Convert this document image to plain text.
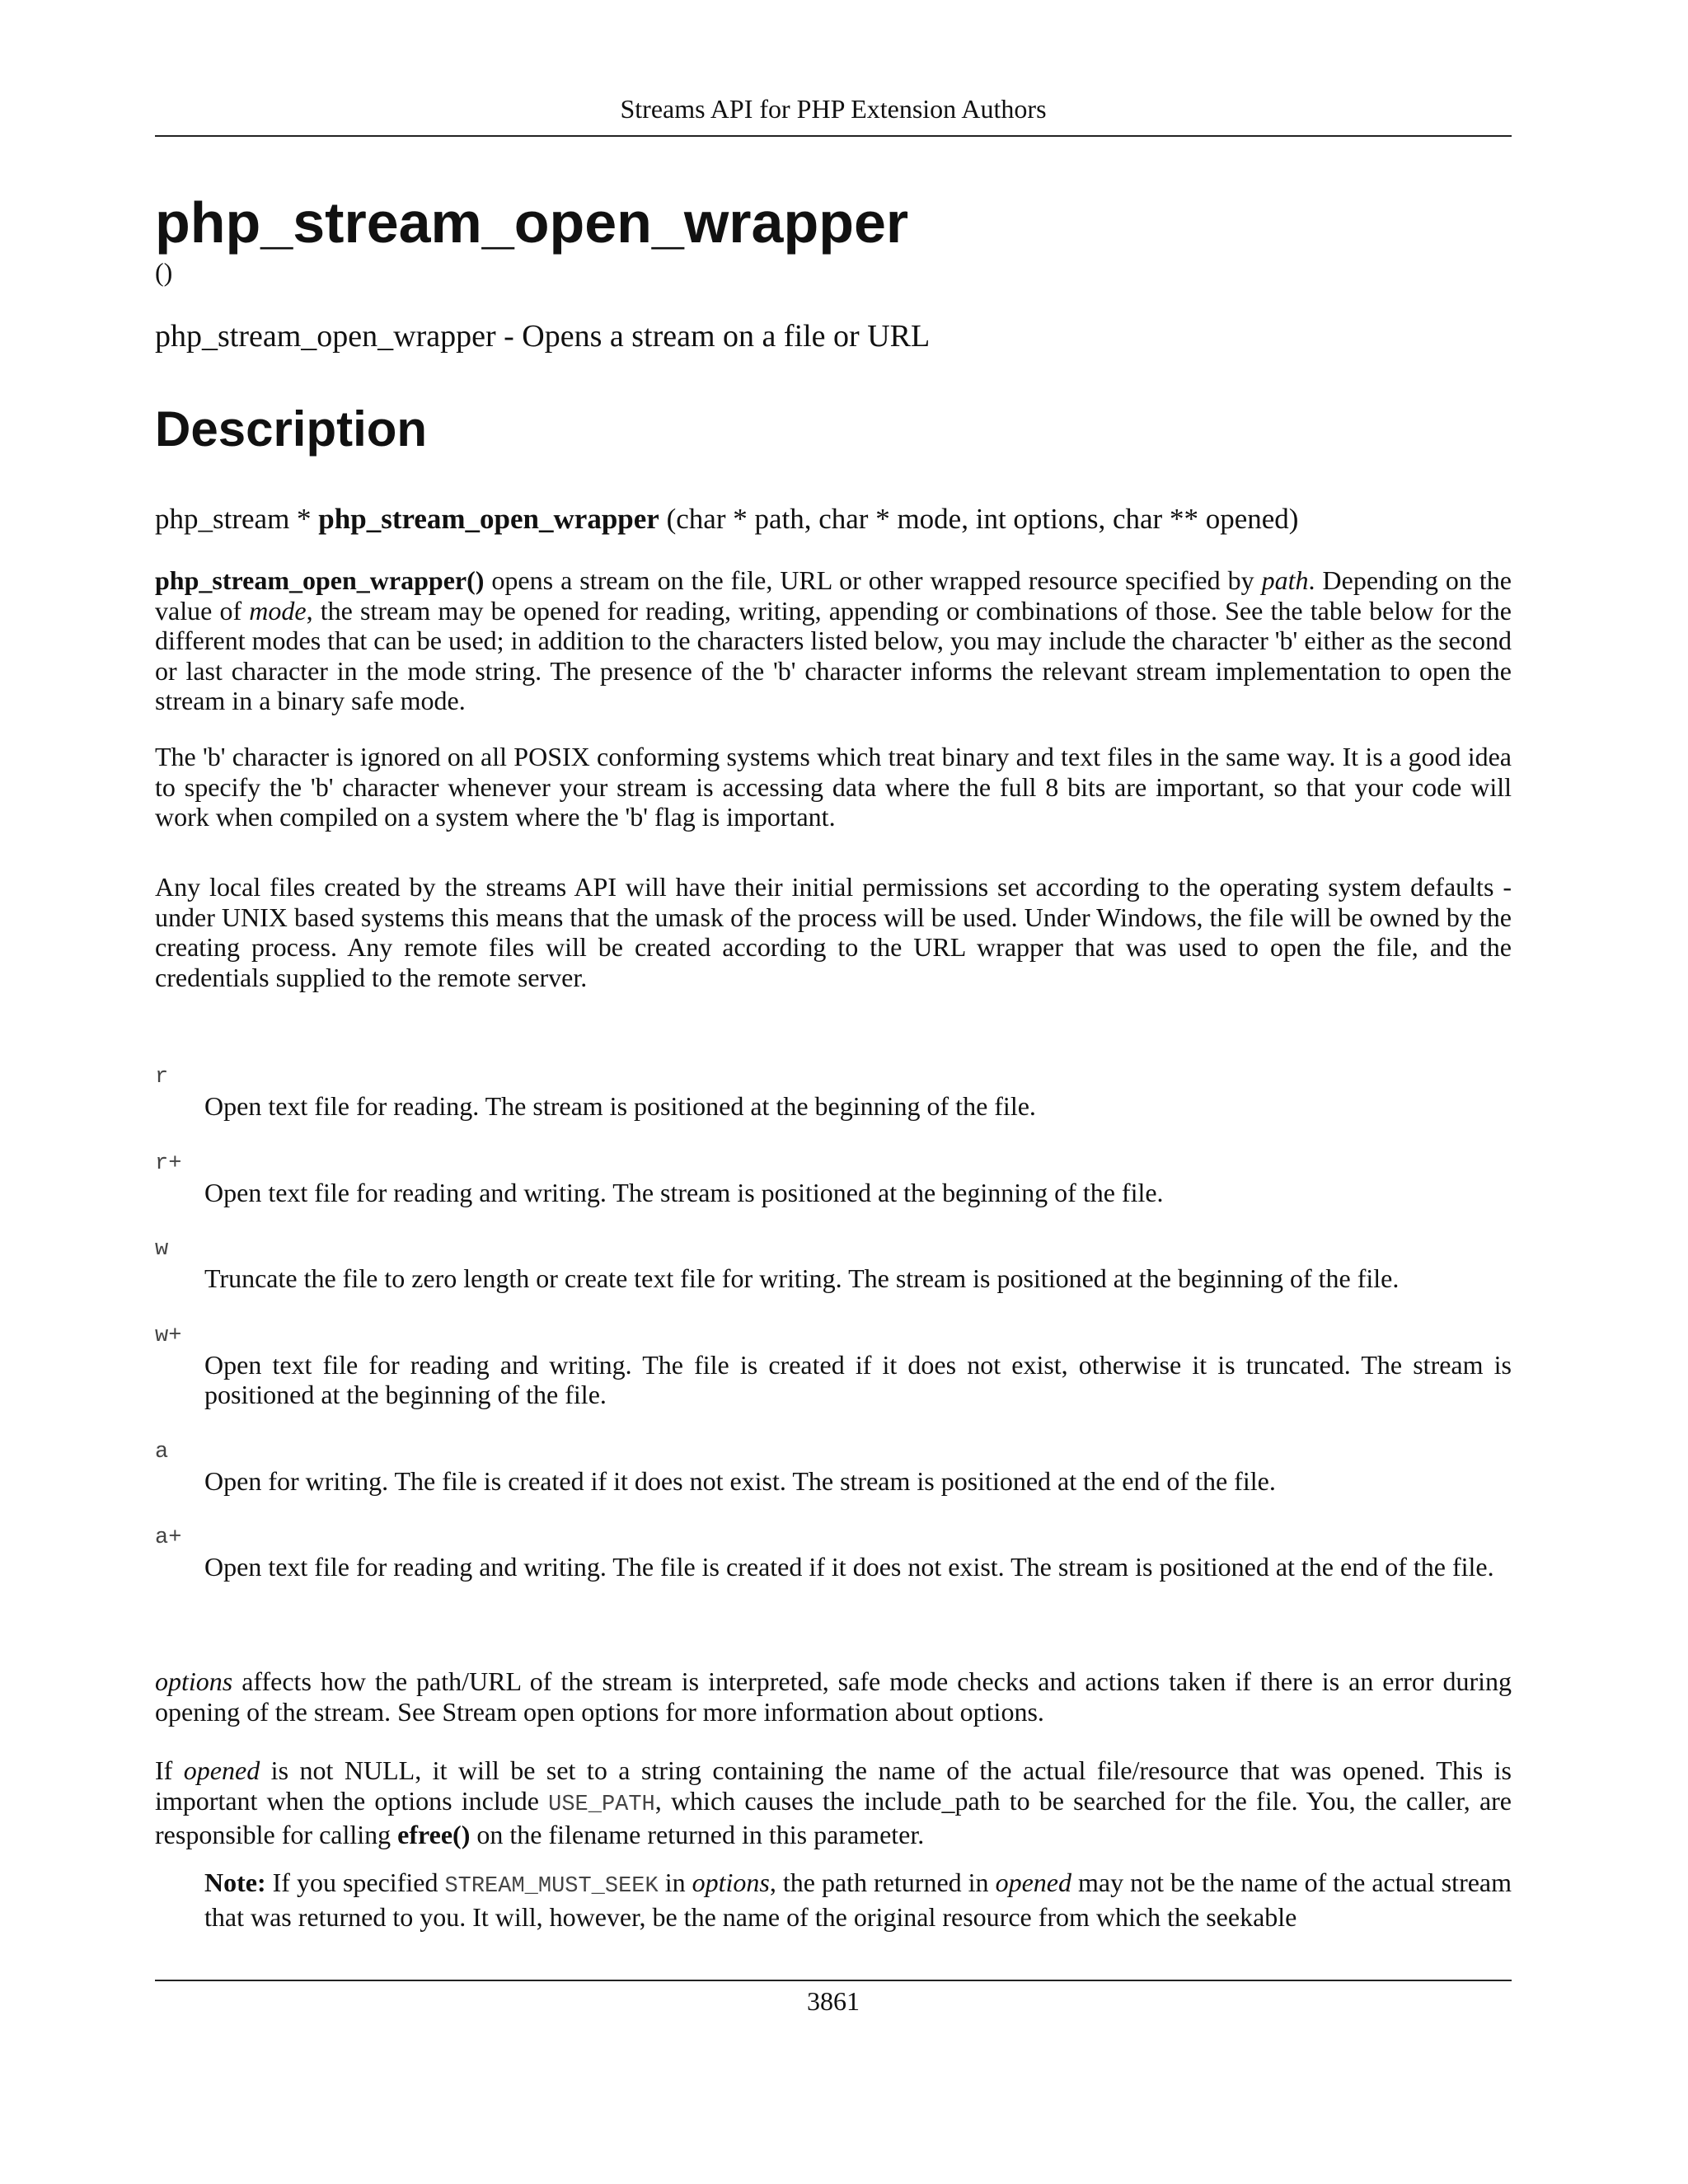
Streams API for PHP Extension Authors
php_stream_open_wrapper
()
php_stream_open_wrapper - Opens a stream on a file or URL
Description
php_stream * php_stream_open_wrapper (char * path, char * mode, int options, char ** opened)

php_stream_open_wrapper() opens a stream on the file, URL or other wrapped resource specified by path. Depending on the value of mode, the stream may be opened for reading, writing, appending or combinations of those. See the table below for the different modes that can be used; in addition to the characters listed below, you may include the character 'b' either as the second or last character in the mode string. The presence of the 'b' character informs the relevant stream implementation to open the stream in a binary safe mode.

The 'b' character is ignored on all POSIX conforming systems which treat binary and text files in the same way. It is a good idea to specify the 'b' character whenever your stream is accessing data where the full 8 bits are important, so that your code will work when compiled on a system where the 'b' flag is important.

Any local files created by the streams API will have their initial permissions set according to the operating system defaults - under UNIX based systems this means that the umask of the process will be used. Under Windows, the file will be owned by the creating process. Any remote files will be created according to the URL wrapper that was used to open the file, and the credentials supplied to the remote server.

r
Open text file for reading. The stream is positioned at the beginning of the file.
r+
Open text file for reading and writing. The stream is positioned at the beginning of the file.
w
Truncate the file to zero length or create text file for writing. The stream is positioned at the beginning of the file.
w+
Open text file for reading and writing. The file is created if it does not exist, otherwise it is truncated. The stream is positioned at the beginning of the file.
a
Open for writing. The file is created if it does not exist. The stream is positioned at the end of the file.
a+
Open text file for reading and writing. The file is created if it does not exist. The stream is positioned at the end of the file.

options affects how the path/URL of the stream is interpreted, safe mode checks and actions taken if there is an error during opening of the stream. See Stream open options for more information about options.

If opened is not NULL, it will be set to a string containing the name of the actual file/resource that was opened. This is important when the options include USE_PATH, which causes the include_path to be searched for the file. You, the caller, are responsible for calling efree() on the filename returned in this parameter.

Note: If you specified STREAM_MUST_SEEK in options, the path returned in opened may not be the name of the actual stream that was returned to you. It will, however, be the name of the original resource from which the seekable

3861
